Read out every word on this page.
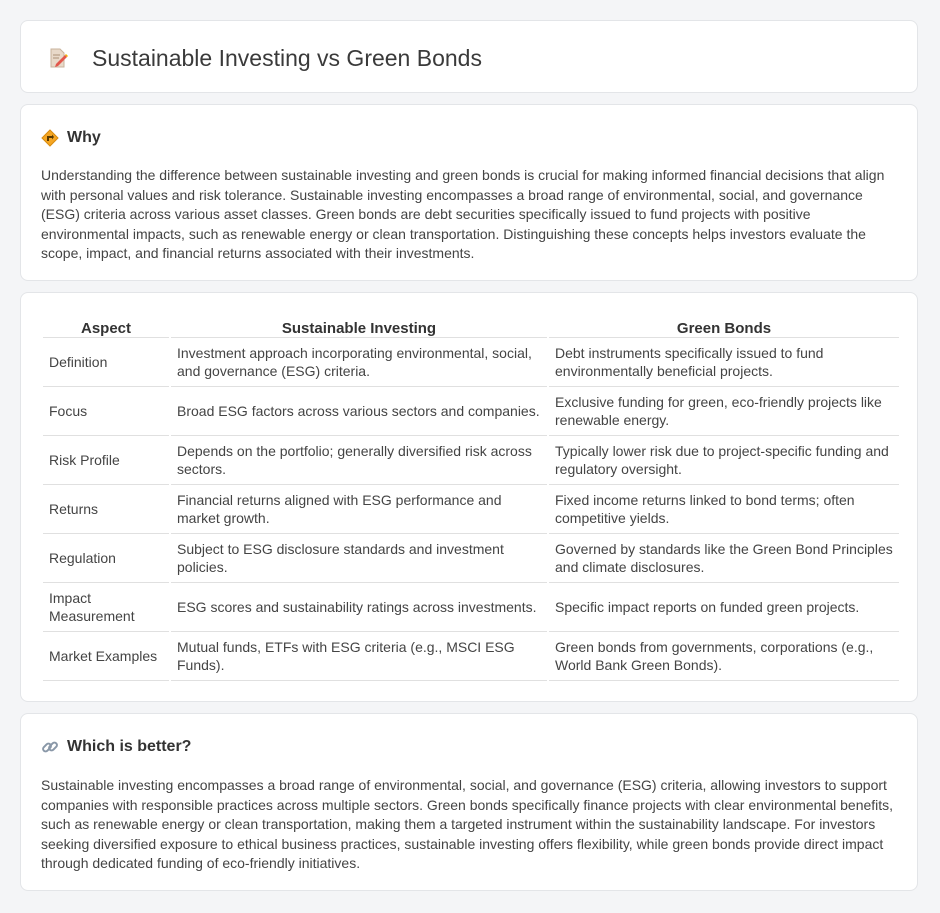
Sustainable Investing vs Green Bonds
Why
Understanding the difference between sustainable investing and green bonds is crucial for making informed financial decisions that align with personal values and risk tolerance. Sustainable investing encompasses a broad range of environmental, social, and governance (ESG) criteria across various asset classes. Green bonds are debt securities specifically issued to fund projects with positive environmental impacts, such as renewable energy or clean transportation. Distinguishing these concepts helps investors evaluate the scope, impact, and financial returns associated with their investments.
Aspect	Sustainable Investing	Green Bonds
Definition	Investment approach incorporating environmental, social, and governance (ESG) criteria.	Debt instruments specifically issued to fund environmentally beneficial projects.
Focus	Broad ESG factors across various sectors and companies.	Exclusive funding for green, eco-friendly projects like renewable energy.
Risk Profile	Depends on the portfolio; generally diversified risk across sectors.	Typically lower risk due to project-specific funding and regulatory oversight.
Returns	Financial returns aligned with ESG performance and market growth.	Fixed income returns linked to bond terms; often competitive yields.
Regulation	Subject to ESG disclosure standards and investment policies.	Governed by standards like the Green Bond Principles and climate disclosures.
Impact Measurement	ESG scores and sustainability ratings across investments.	Specific impact reports on funded green projects.
Market Examples	Mutual funds, ETFs with ESG criteria (e.g., MSCI ESG Funds).	Green bonds from governments, corporations (e.g., World Bank Green Bonds).
Which is better?
Sustainable investing encompasses a broad range of environmental, social, and governance (ESG) criteria, allowing investors to support companies with responsible practices across multiple sectors. Green bonds specifically finance projects with clear environmental benefits, such as renewable energy or clean transportation, making them a targeted instrument within the sustainability landscape. For investors seeking diversified exposure to ethical business practices, sustainable investing offers flexibility, while green bonds provide direct impact through dedicated funding of eco-friendly initiatives.
